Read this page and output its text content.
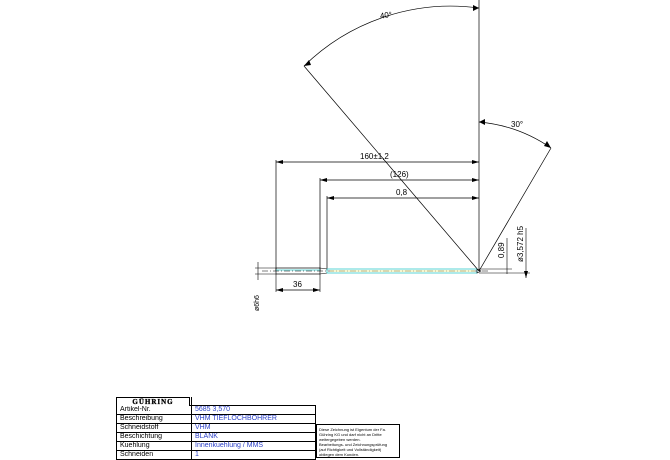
40°
30°
160±1,2
(126)
0,8
ø6h6
36
0,89 ø3,572 h5

Artikel-Nr.	5685 3,570
Beschreibung	VHM TIEFLOCHBOHRER
Schneidstoff	VHM
Beschichtung	BLANK
Kuehlung	Innenkuehlung / MMS
Schneiden	1
GÜHRING
Diese Zeichnung ist Eigentum der Fa.
Gühring KG und darf nicht an Dritte
weitergegeben werden.
Bearbeitungs- und Zeichnungsprüfung
(auf Richtigkeit und Vollständigkeit)
obliegen dem Kunden.
